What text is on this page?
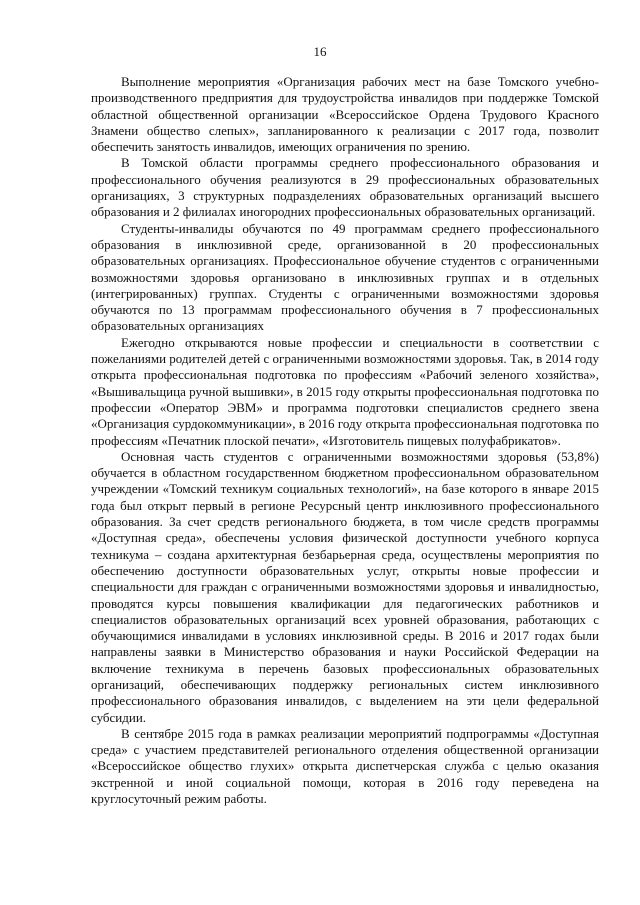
16

Выполнение мероприятия «Организация рабочих мест на базе Томского учебно-производственного предприятия для трудоустройства инвалидов при поддержке Томской областной общественной организации «Всероссийское Ордена Трудового Красного Знамени общество слепых», запланированного к реализации с 2017 года, позволит обеспечить занятость инвалидов, имеющих ограничения по зрению.

В Томской области программы среднего профессионального образования и профессионального обучения реализуются в 29 профессиональных образовательных организациях, 3 структурных подразделениях образовательных организаций высшего образования и 2 филиалах иногородних профессиональных образовательных организаций.

Студенты-инвалиды обучаются по 49 программам среднего профессионального образования в инклюзивной среде, организованной в 20 профессиональных образовательных организациях. Профессиональное обучение студентов с ограниченными возможностями здоровья организовано в инклюзивных группах и в отдельных (интегрированных) группах. Студенты с ограниченными возможностями здоровья обучаются по 13 программам профессионального обучения в 7 профессиональных образовательных организациях

Ежегодно открываются новые профессии и специальности в соответствии с пожеланиями родителей детей с ограниченными возможностями здоровья. Так, в 2014 году открыта профессиональная подготовка по профессиям «Рабочий зеленого хозяйства», «Вышивальщица ручной вышивки», в 2015 году открыты профессиональная подготовка по профессии «Оператор ЭВМ» и программа подготовки специалистов среднего звена «Организация сурдокоммуникации», в 2016 году открыта профессиональная подготовка по профессиям «Печатник плоской печати», «Изготовитель пищевых полуфабрикатов».

Основная часть студентов с ограниченными возможностями здоровья (53,8%) обучается в областном государственном бюджетном профессиональном образовательном учреждении «Томский техникум социальных технологий», на базе которого в январе 2015 года был открыт первый в регионе Ресурсный центр инклюзивного профессионального образования. За счет средств регионального бюджета, в том числе средств программы «Доступная среда», обеспечены условия физической доступности учебного корпуса техникума – создана архитектурная безбарьерная среда, осуществлены мероприятия по обеспечению доступности образовательных услуг, открыты новые профессии и специальности для граждан с ограниченными возможностями здоровья и инвалидностью, проводятся курсы повышения квалификации для педагогических работников и специалистов образовательных организаций всех уровней образования, работающих с обучающимися инвалидами в условиях инклюзивной среды. В 2016 и 2017 годах были направлены заявки в Министерство образования и науки Российской Федерации на включение техникума в перечень базовых профессиональных образовательных организаций, обеспечивающих поддержку региональных систем инклюзивного профессионального образования инвалидов, с выделением на эти цели федеральной субсидии.

В сентябре 2015 года в рамках реализации мероприятий подпрограммы «Доступная среда» с участием представителей регионального отделения общественной организации «Всероссийское общество глухих» открыта диспетчерская служба с целью оказания экстренной и иной социальной помощи, которая в 2016 году переведена на круглосуточный режим работы.
